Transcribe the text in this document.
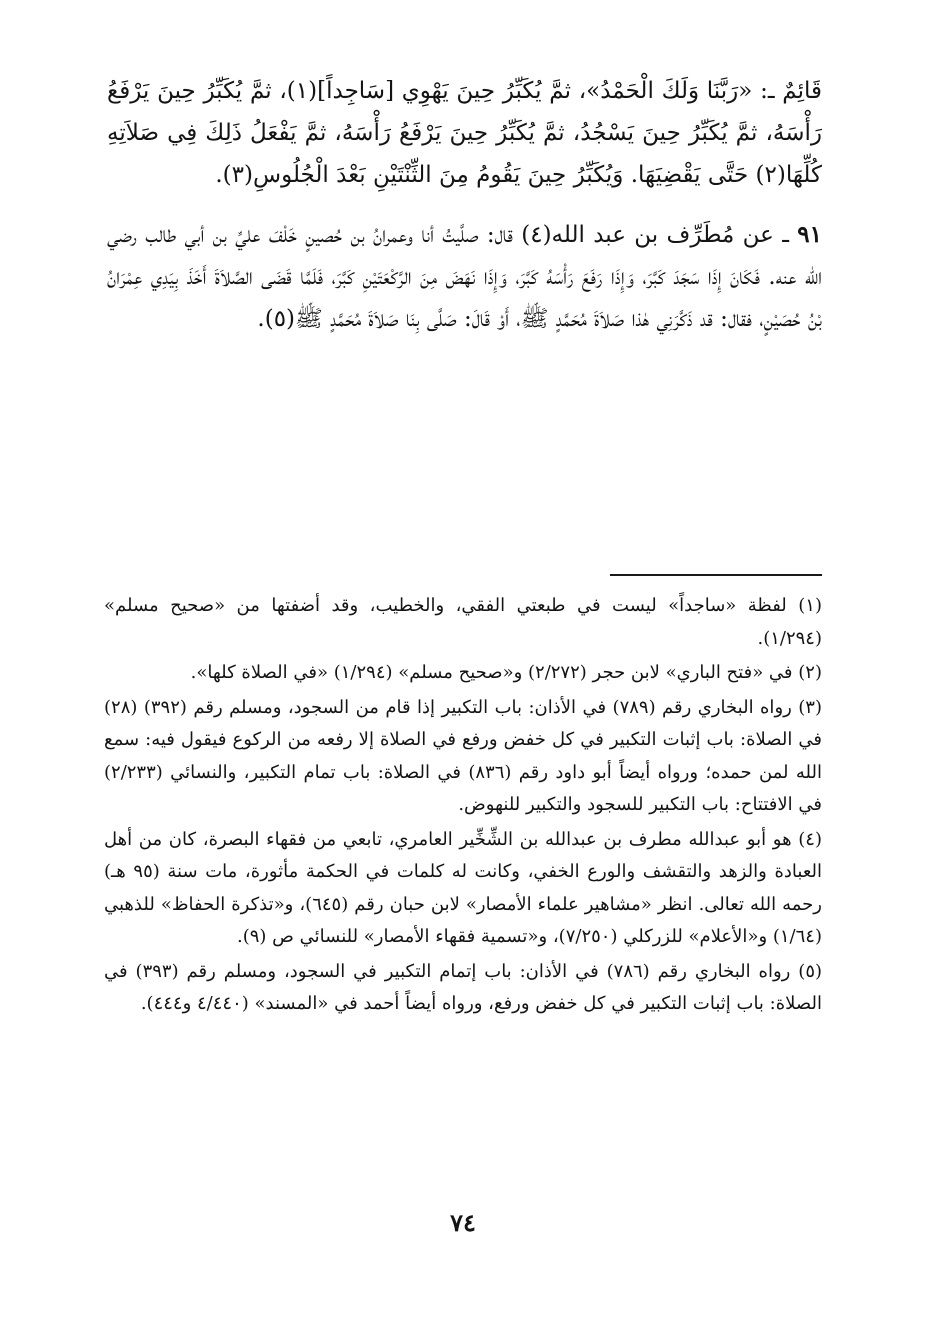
قَائِمٌ ـ: «رَبَّنَا وَلَكَ الْحَمْدُ»، ثمَّ يُكَبِّرُ حِينَ يَهْوِي [سَاجِداً](١)، ثمَّ يُكَبِّرُ حِينَ يَرْفَعُ رَأْسَهُ، ثمَّ يُكَبِّرُ حِينَ يَسْجُدُ، ثمَّ يُكَبِّرُ حِينَ يَرْفَعُ رَأْسَهُ، ثمَّ يَفْعَلُ ذَلِكَ فِي صَلاَتِهِ كُلِّهَا(٢) حَتَّى يَقْضِيَهَا. وَيُكَبِّرُ حِينَ يَقُومُ مِنَ الثِّنْتَيْنِ بَعْدَ الْجُلُوسِ(٣).

٩١ ـ عن مُطَرِّف بن عبد الله(٤) قال: صلَّيتُ أنا وعمرانُ بن حُصينٍ خَلْفَ عليِّ بن أبي طالب رضي الله عنه. فَكَانَ إِذَا سَجَدَ كَبَّرَ، وَإِذَا رَفَعَ رَأْسَهُ كَبَّرَ، وَإِذَا نَهَضَ مِنَ الرَّكْعَتَيْنِ كَبَّرَ، فَلَمَّا قَضَى الصَّلاَةَ أَخَذَ بِيَدِي عِمْرَانُ بْنُ حُصَيْنٍ، فقال: قد ذَكَّرَنِي هٰذا صَلاَةَ مُحَمَّدٍ ﷺ، أَوْ قَالَ: صَلَّى بِنَا صَلاَةَ مُحَمَّدٍ ﷺ(٥).

(١) لفظة «ساجداً» ليست في طبعتي الفقي، والخطيب، وقد أضفتها من «صحيح مسلم» (١/٢٩٤).

(٢) في «فتح الباري» لابن حجر (٢/٢٧٢) و«صحيح مسلم» (١/٢٩٤) «في الصلاة كلها».

(٣) رواه البخاري رقم (٧٨٩) في الأذان: باب التكبير إذا قام من السجود، ومسلم رقم (٣٩٢) (٢٨) في الصلاة: باب إثبات التكبير في كل خفض ورفع في الصلاة إلا رفعه من الركوع فيقول فيه: سمع الله لمن حمده؛ ورواه أيضاً أبو داود رقم (٨٣٦) في الصلاة: باب تمام التكبير، والنسائي (٢/٢٣٣) في الافتتاح: باب التكبير للسجود والتكبير للنهوض.

(٤) هو أبو عبدالله مطرف بن عبدالله بن الشِّخِّير العامري، تابعي من فقهاء البصرة، كان من أهل العبادة والزهد والتقشف والورع الخفي، وكانت له كلمات في الحكمة مأثورة، مات سنة (٩٥ هـ) رحمه الله تعالى. انظر «مشاهير علماء الأمصار» لابن حبان رقم (٦٤٥)، و«تذكرة الحفاظ» للذهبي (١/٦٤) و«الأعلام» للزركلي (٧/٢٥٠)، و«تسمية فقهاء الأمصار» للنسائي ص (٩).

(٥) رواه البخاري رقم (٧٨٦) في الأذان: باب إتمام التكبير في السجود، ومسلم رقم (٣٩٣) في الصلاة: باب إثبات التكبير في كل خفض ورفع، ورواه أيضاً أحمد في «المسند» (٤/٤٤٠ و٤٤٤).

٧٤
